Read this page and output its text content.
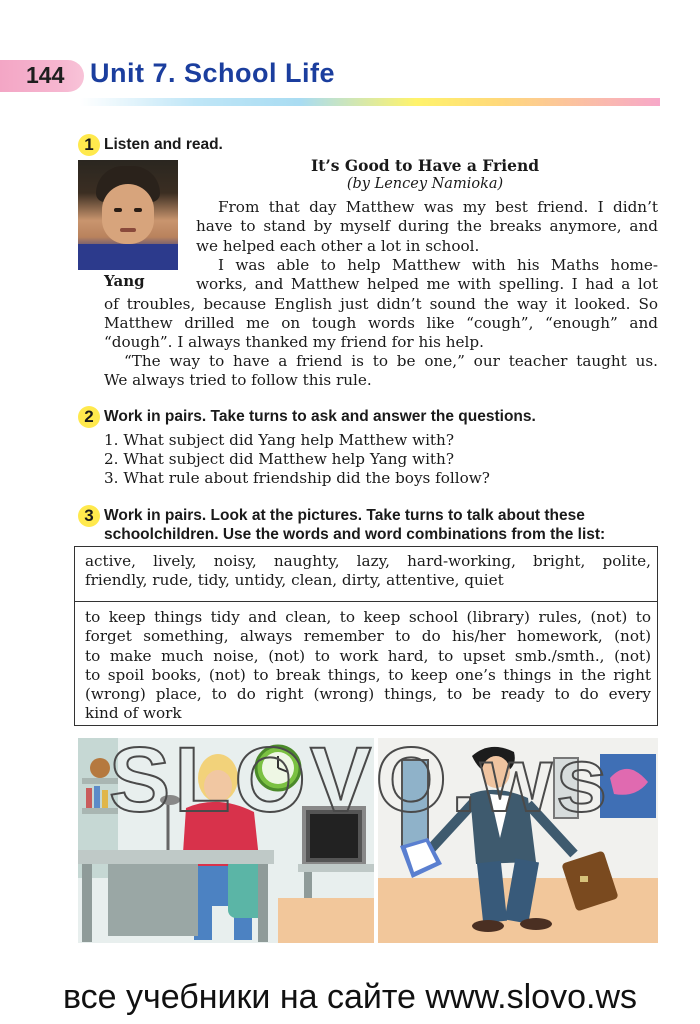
144 Unit 7. School Life
1 Listen and read.
Yang
It’s Good to Have a Friend
(by Lencey Namioka)
From that day Matthew was my best friend. I didn’t
have to stand by myself during the breaks anymore, and
we helped each other a lot in school.
I was able to help Matthew with his Maths home-
works, and Matthew helped me with spelling. I had a lot
of troubles, because English just didn’t sound the way it looked. So
Matthew drilled me on tough words like “cough”, “enough” and
“dough”. I always thanked my friend for his help.
“The way to have a friend is to be one,” our teacher taught us.
We always tried to follow this rule.
2 Work in pairs. Take turns to ask and answer the questions.
1. What subject did Yang help Matthew with?
2. What subject did Matthew help Yang with?
3. What rule about friendship did the boys follow?
3 Work in pairs. Look at the pictures. Take turns to talk about these
schoolchildren. Use the words and word combinations from the list:
active, lively, noisy, naughty, lazy, hard-working, bright, polite,
friendly, rude, tidy, untidy, clean, dirty, attentive, quiet
to keep things tidy and clean, to keep school (library) rules, (not) to
forget something, always remember to do his/her homework, (not)
to make much noise, (not) to work hard, to upset smb./smth., (not)
to spoil books, (not) to break things, to keep one’s things in the right
(wrong) place, to do right (wrong) things, to be ready to do every
kind of work
SLOVO.ws
все учебники на сайте www.slovo.ws
